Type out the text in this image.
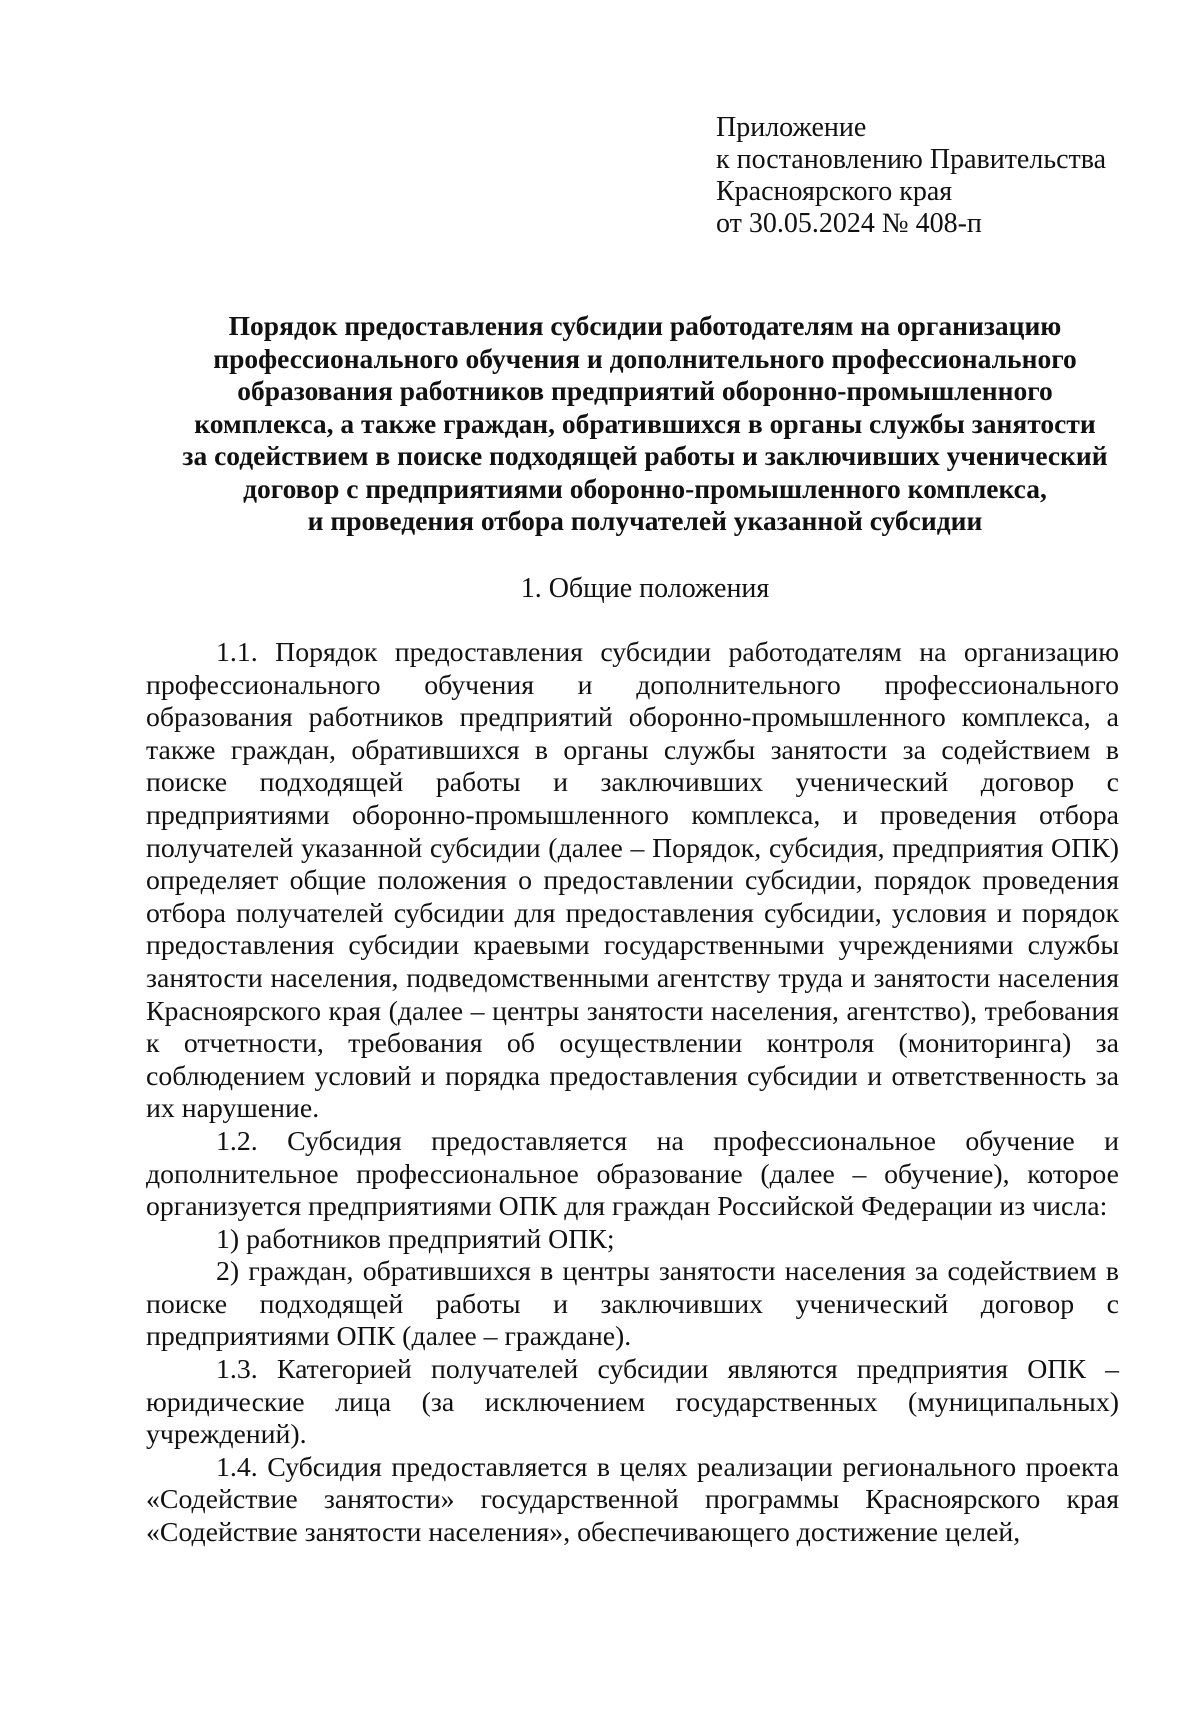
Приложение
к постановлению Правительства
Красноярского края
от 30.05.2024 № 408-п
Порядок предоставления субсидии работодателям на организацию
профессионального обучения и дополнительного профессионального
образования работников предприятий оборонно-промышленного
комплекса, а также граждан, обратившихся в органы службы занятости
за содействием в поиске подходящей работы и заключивших ученический
договор с предприятиями оборонно-промышленного комплекса,
и проведения отбора получателей указанной субсидии
1. Общие положения

1.1. Порядок предоставления субсидии работодателям на организацию профессионального обучения и дополнительного профессионального образования работников предприятий оборонно-промышленного комплекса, а также граждан, обратившихся в органы службы занятости за содействием в поиске подходящей работы и заключивших ученический договор с предприятиями оборонно-промышленного комплекса, и проведения отбора получателей указанной субсидии (далее – Порядок, субсидия, предприятия ОПК) определяет общие положения о предоставлении субсидии, порядок проведения отбора получателей субсидии для предоставления субсидии, условия и порядок предоставления субсидии краевыми государственными учреждениями службы занятости населения, подведомственными агентству труда и занятости населения Красноярского края (далее – центры занятости населения, агентство), требования к отчетности, требования об осуществлении контроля (мониторинга) за соблюдением условий и порядка предоставления субсидии и ответственность за их нарушение.

1.2. Субсидия предоставляется на профессиональное обучение и дополнительное профессиональное образование (далее – обучение), которое организуется предприятиями ОПК для граждан Российской Федерации из числа:

1) работников предприятий ОПК;

2) граждан, обратившихся в центры занятости населения за содействием в поиске подходящей работы и заключивших ученический договор с предприятиями ОПК (далее – граждане).

1.3. Категорией получателей субсидии являются предприятия ОПК – юридические лица (за исключением государственных (муниципальных) учреждений).

1.4. Субсидия предоставляется в целях реализации регионального проекта «Содействие занятости» государственной программы Красноярского края «Содействие занятости населения», обеспечивающего достижение целей,
